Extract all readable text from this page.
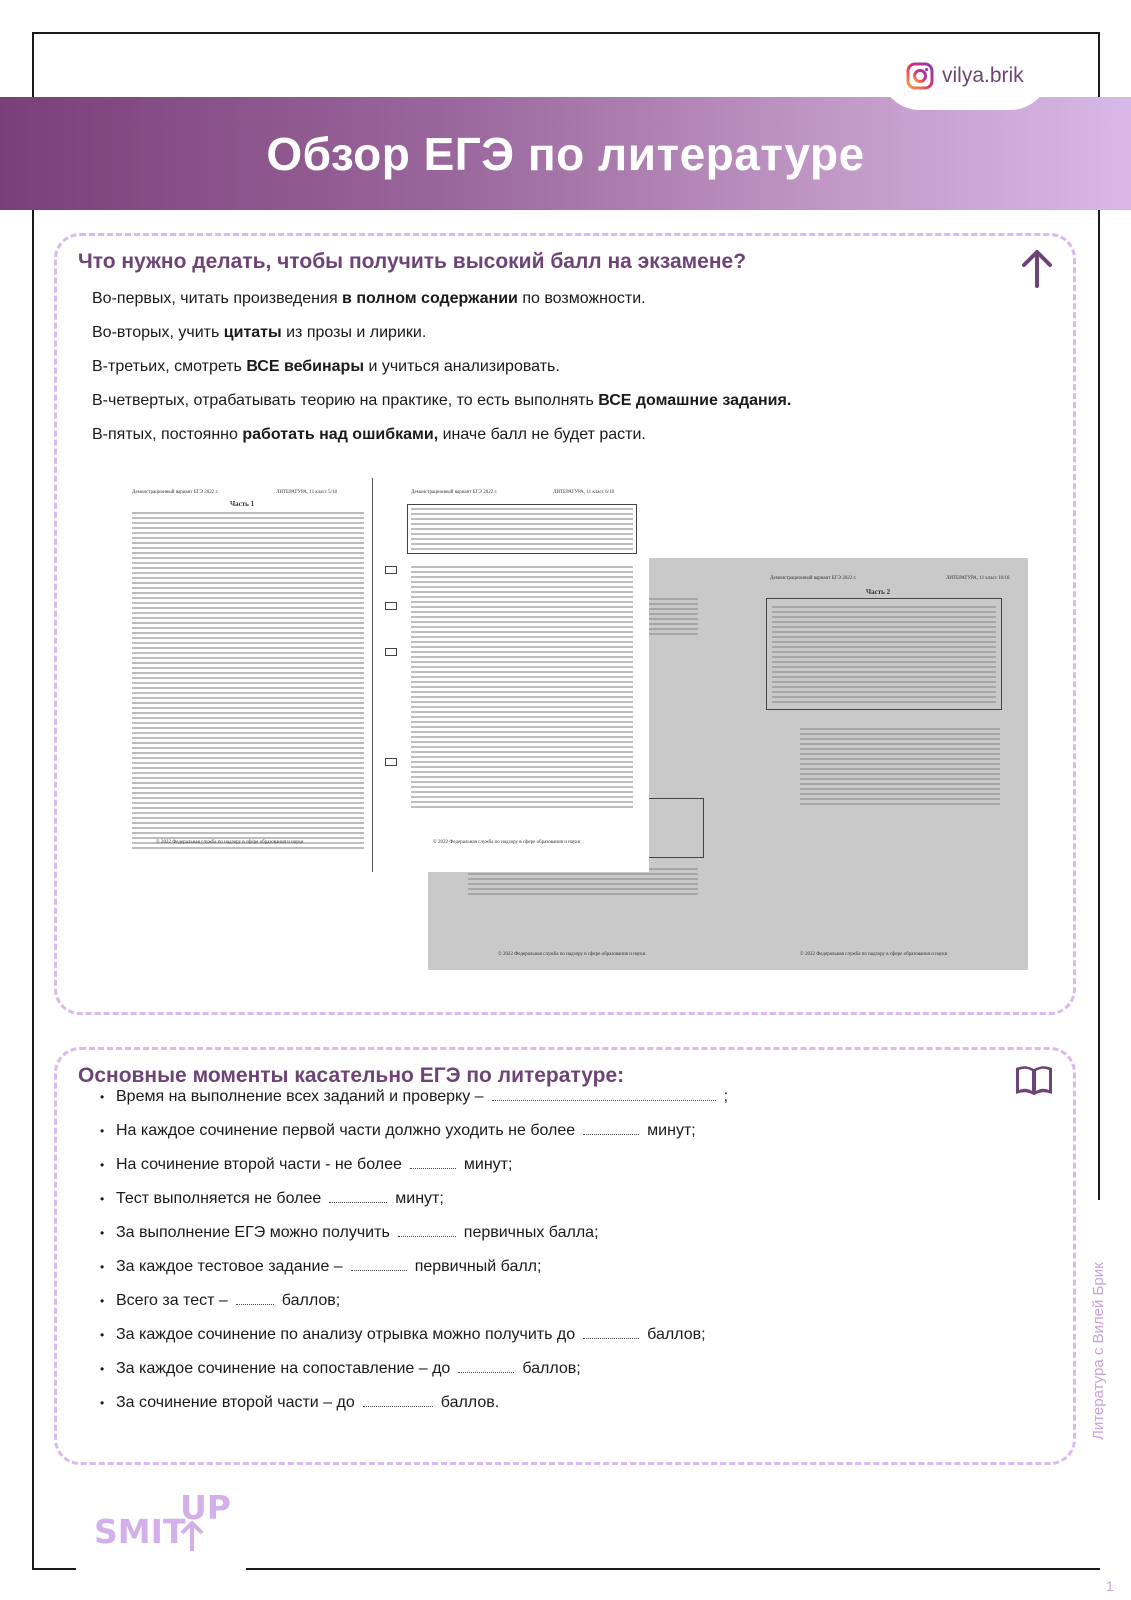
vilya.brik
Обзор ЕГЭ по литературе
Что нужно делать, чтобы получить высокий балл на экзамене?
Во-первых, читать произведения в полном содержании по возможности.
Во-вторых, учить цитаты из прозы и лирики.
В-третьих, смотреть ВСЕ вебинары и учиться анализировать.
В-четвертых, отрабатывать теорию на практике, то есть выполнять ВСЕ домашние задания.
В-пятых, постоянно работать над ошибками, иначе балл не будет расти.
© 2022 Федеральная служба по надзору в сфере образования и науки
Демонстрационный вариант ЕГЭ 2022 г.	ЛИТЕРАТУРА, 11 класс 10/18
Часть 2
© 2022 Федеральная служба по надзору в сфере образования и науки
Демонстрационный вариант ЕГЭ 2022 г.	ЛИТЕРАТУРА, 11 класс 5/18
Часть 1
© 2022 Федеральная служба по надзору в сфере образования и науки
Демонстрационный вариант ЕГЭ 2022 г.	ЛИТЕРАТУРА, 11 класс 6/18
© 2022 Федеральная служба по надзору в сфере образования и науки
Основные моменты касательно ЕГЭ по литературе:
• Время на выполнение всех заданий и проверку –	;
• На каждое сочинение первой части должно уходить не более	минут;
• На сочинение второй части - не более	минут;
• Тест выполняется не более	минут;
• За выполнение ЕГЭ можно получить	первичных балла;
• За каждое тестовое задание –	первичный балл;
• Всего за тест –	баллов;
• За каждое сочинение по анализу отрывка можно получить до	баллов;
• За каждое сочинение на сопоставление – до	баллов;
• За сочинение второй части – до	баллов.	Литература с Вилей Брик
1
SMIT
UP
